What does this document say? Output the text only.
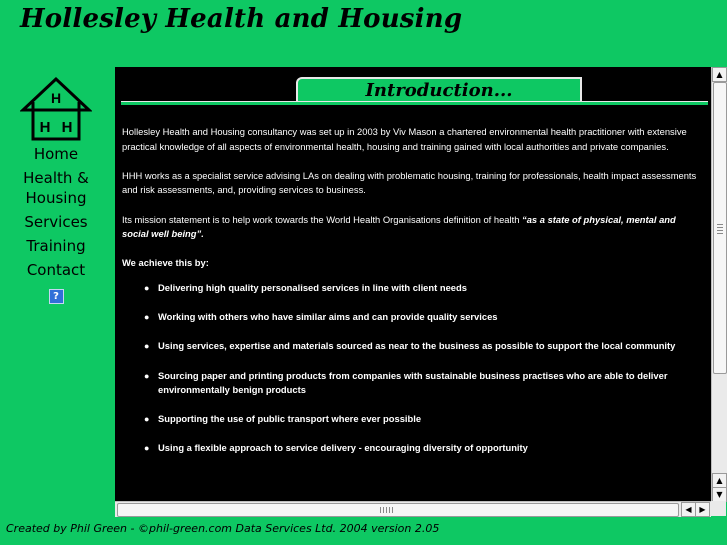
Hollesley Health and Housing
H
H H
Home
Health & Housing
Services
Training
Contact
?
Introduction...

Hollesley Health and Housing consultancy was set up in 2003 by Viv Mason a chartered environmental health practitioner with extensive practical knowledge of all aspects of environmental health, housing and training gained with local authorities and private companies.

HHH works as a specialist service advising LAs on dealing with problematic housing, training for professionals, health impact assessments and risk assessments, and, providing services to business.

Its mission statement is to help work towards the World Health Organisations definition of health “as a state of physical, mental and social well being”.

We achieve this by:

● Delivering high quality personalised services in line with client needs
● Working with others who have similar aims and can provide quality services
● Using services, expertise and materials sourced as near to the business as possible to support the local community
● Sourcing paper and printing products from companies with sustainable business practises who are able to deliver environmentally benign products
● Supporting the use of public transport where ever possible
● Using a flexible approach to service delivery - encouraging diversity of opportunity
▲
▲
▼
◀ ▶

Created by Phil Green - ©phil-green.com Data Services Ltd. 2004 version 2.05
